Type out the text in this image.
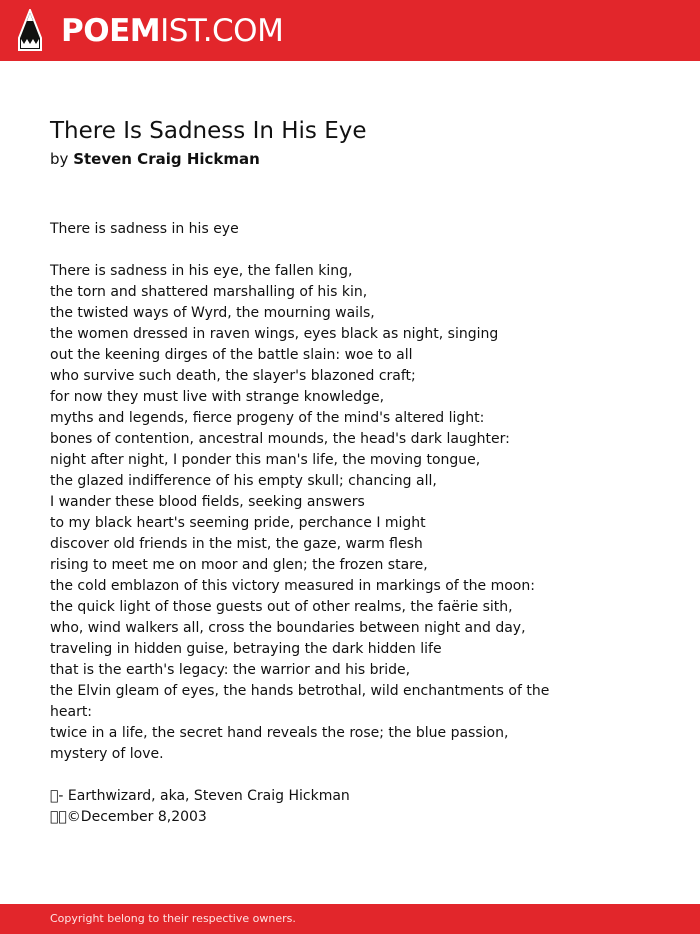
POEMIST.COM
There Is Sadness In His Eye
by Steven Craig Hickman
There is sadness in his eye
There is sadness in his eye, the fallen king,
the torn and shattered marshalling of his kin,
the twisted ways of Wyrd, the mourning wails,
the women dressed in raven wings, eyes black as night, singing
out the keening dirges of the battle slain: woe to all
who survive such death, the slayer's blazoned craft;
for now they must live with strange knowledge,
myths and legends, fierce progeny of the mind's altered light:
bones of contention, ancestral mounds, the head's dark laughter:
night after night, I ponder this man's life, the moving tongue,
the glazed indifference of his empty skull; chancing all,
I wander these blood fields, seeking answers
to my black heart's seeming pride, perchance I might
discover old friends in the mist, the gaze, warm flesh
rising to meet me on moor and glen; the frozen stare,
the cold emblazon of this victory measured in markings of the moon:
the quick light of those guests out of other realms, the faërie sith,
who, wind walkers all, cross the boundaries between night and day,
traveling in hidden guise, betraying the dark hidden life
that is the earth's legacy: the warrior and his bride,
the Elvin gleam of eyes, the hands betrothal, wild enchantments of the
heart:
twice in a life, the secret hand reveals the rose; the blue passion,
mystery of love.
 - Earthwizard, aka, Steven Craig Hickman
  ©December 8,2003
Copyright belong to their respective owners.
